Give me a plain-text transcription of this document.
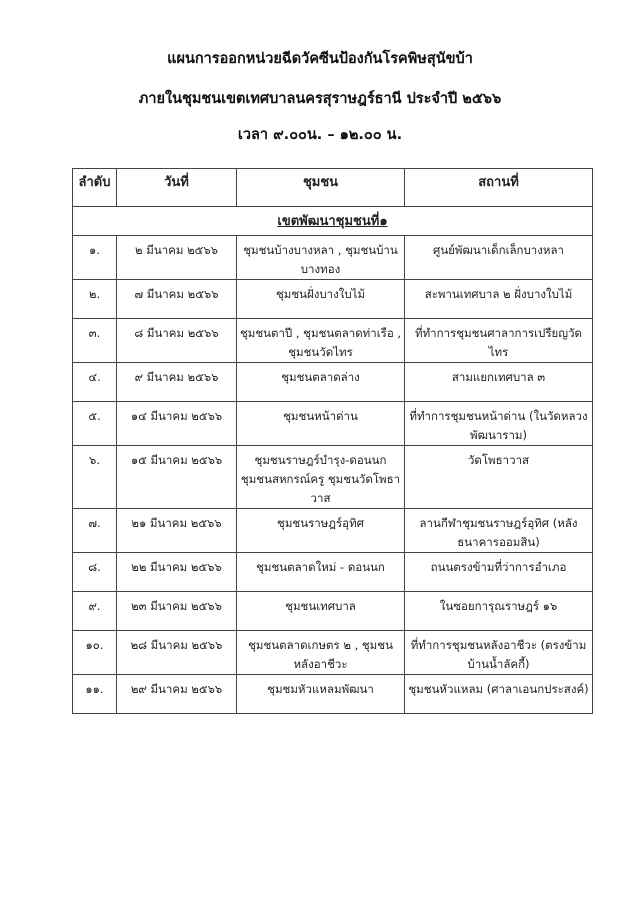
แผนการออกหน่วยฉีดวัคซีนป้องกันโรคพิษสุนัขบ้า
ภายในชุมชนเขตเทศบาลนครสุราษฎร์ธานี ประจำปี ๒๕๖๖
เวลา ๙.๐๐น. – ๑๒.๐๐ น.
ลำดับ	วันที่	ชุมชน	สถานที่
เขตพัฒนาชุมชนที่๑			
๑.	๒ มีนาคม ๒๕๖๖	ชุมชนบ้างบางหลา , ชุมชนบ้านบางทอง	ศูนย์พัฒนาเด็กเล็กบางหลา
๒.	๗ มีนาคม ๒๕๖๖	ชุมชนฝั่งบางใบไม้	สะพานเทศบาล ๒ ฝั่งบางใบไม้
๓.	๘ มีนาคม ๒๕๖๖	ชุมชนตาปี , ชุมชนตลาดท่าเรือ , ชุมชนวัดไทร	ที่ทำการชุมชนศาลาการเปรียญวัดไทร
๔.	๙ มีนาคม ๒๕๖๖	ชุมชนตลาดล่าง	สามแยกเทศบาล ๓
๕.	๑๔ มีนาคม ๒๕๖๖	ชุมชนหน้าด่าน	ที่ทำการชุมชนหน้าด่าน (ในวัดหลวงพัฒนาราม)
๖.	๑๕ มีนาคม ๒๕๖๖	ชุมชนราษฎร์บำรุง-ดอนนก ชุมชนสหกรณ์ครู ชุมชนวัดโพธาวาส	วัดโพธาวาส
๗.	๒๑ มีนาคม ๒๕๖๖	ชุมชนราษฎร์อุทิศ	ลานกีฬาชุมชนราษฎร์อุทิศ (หลังธนาคารออมสิน)
๘.	๒๒ มีนาคม ๒๕๖๖	ชุมชนตลาดใหม่ - ดอนนก	ถนนตรงข้ามที่ว่าการอำเภอ
๙.	๒๓ มีนาคม ๒๕๖๖	ชุมชนเทศบาล	ในซอยการุณราษฎร์ ๑๖
๑๐.	๒๘ มีนาคม ๒๕๖๖	ชุมชนตลาดเกษตร ๒ , ชุมชนหลังอาชีวะ	ที่ทำการชุมชนหลังอาชีวะ (ตรงข้ามบ้านน้ำลัคกี้)
๑๑.	๒๙ มีนาคม ๒๕๖๖	ชุมชมหัวแหลมพัฒนา	ชุมชนหัวแหลม (ศาลาเอนกประสงค์)
